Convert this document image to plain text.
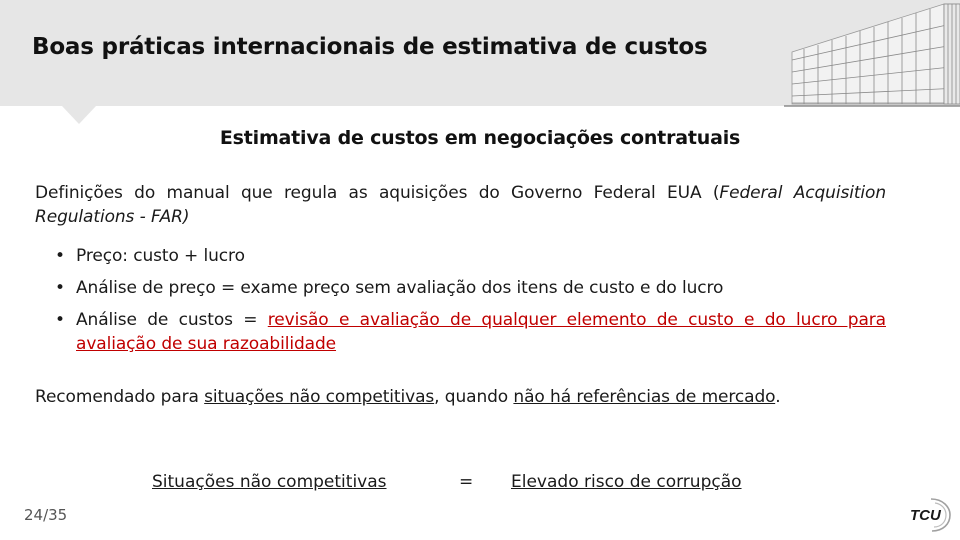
Boas práticas internacionais de estimativa de custos
Estimativa de custos em negociações contratuais

Definições do manual que regula as aquisições do Governo Federal EUA (Federal Acquisition Regulations - FAR)

• Preço: custo + lucro
• Análise de preço = exame preço sem avaliação dos itens de custo e do lucro
• Análise de custos = revisão e avaliação de qualquer elemento de custo e do lucro para avaliação de sua razoabilidade

Recomendado para situações não competitivas, quando não há referências de mercado.

Situações não competitivas	= Elevado risco de corrupção
24/35	TCU
